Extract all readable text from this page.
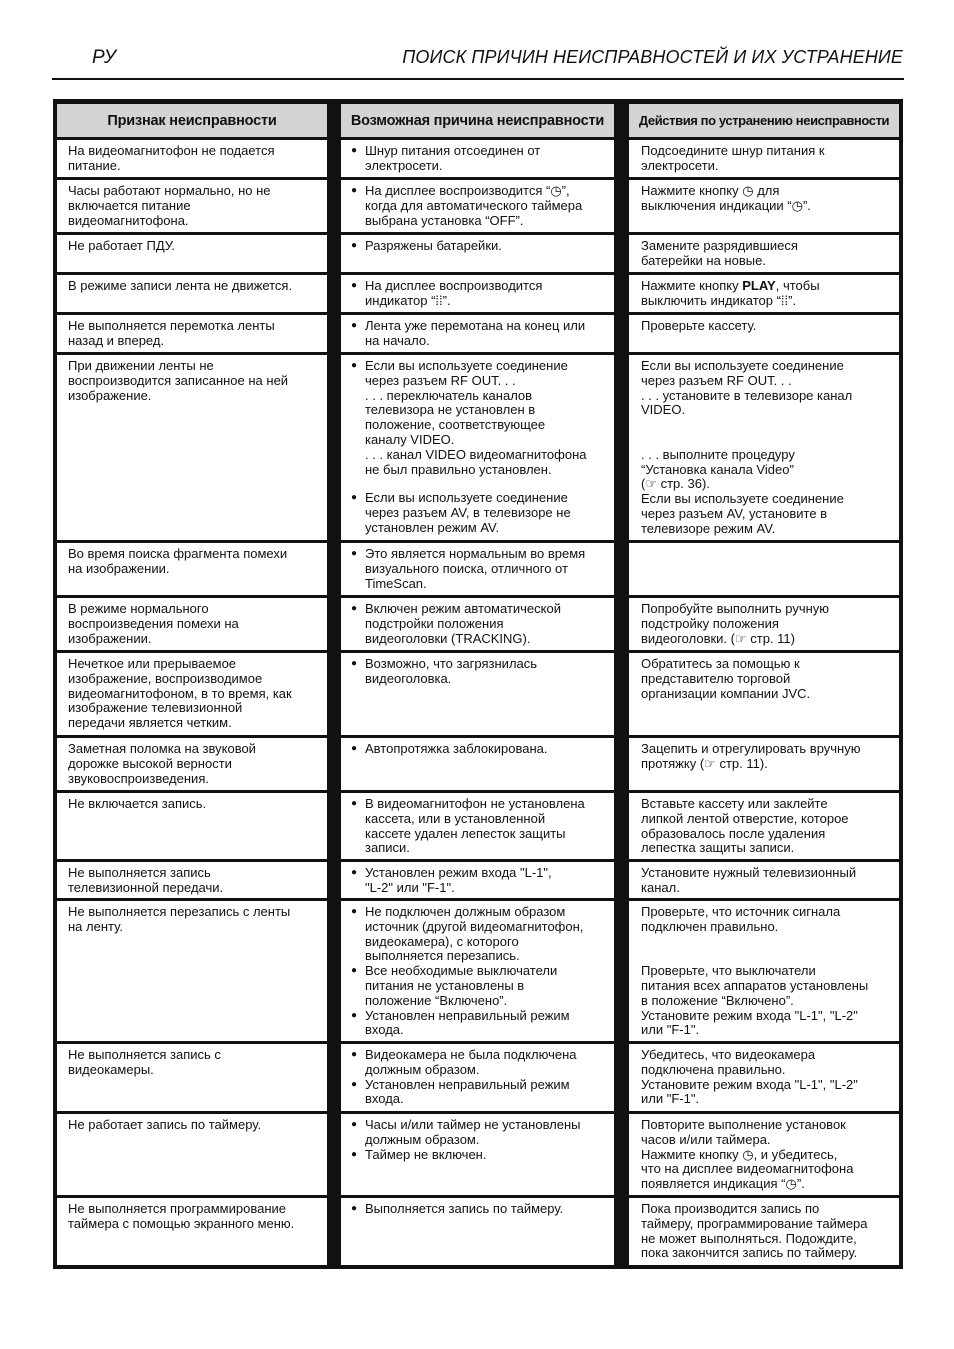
РУ	ПОИСК ПРИЧИН НЕИСПРАВНОСТЕЙ И ИХ УСТРАНЕНИЕ
Признак неисправности
На видеомагнитофон не подается
питание.
Часы работают нормально, но не
включается питание
видеомагнитофона.
Не работает ПДУ.
В режиме записи лента не движется.
Не выполняется перемотка ленты
назад и вперед.
При движении ленты не
воспроизводится записанное на ней
изображение.
Во время поиска фрагмента помехи
на изображении.
В режиме нормального
воспроизведения помехи на
изображении.
Нечеткое или прерываемое
изображение, воспроизводимое
видеомагнитофоном, в то время, как
изображение телевизионной
передачи является четким.
Заметная поломка на звуковой
дорожке высокой верности
звуковоспроизведения.
Не включается запись.
Не выполняется запись
телевизионной передачи.
Не выполняется перезапись с ленты
на ленту.
Не выполняется запись с
видеокамеры.
Не работает запись по таймеру.
Не выполняется программирование
таймера с помощью экранного меню.
Возможная причина неисправности
● Шнур питания отсоединен от
электросети.
● На дисплее воспроизводится “◷”,
когда для автоматического таймера
выбрана установка “OFF”.
● Разряжены батарейки.
● На дисплее воспроизводится
индикатор “⁞⁞”.
● Лента уже перемотана на конец или
на начало.
● Если вы используете соединение
через разъем RF OUT. . .
. . . переключатель каналов
телевизора не установлен в
положение, соответствующее
каналу VIDEO.
. . . канал VIDEO видеомагнитофона
не был правильно установлен.
● Если вы используете соединение
через разъем AV, в телевизоре не
установлен режим AV.
● Это является нормальным во время
визуального поиска, отличного от
TimeScan.
● Включен режим автоматической
подстройки положения
видеоголовки (TRACKING).
● Возможно, что загрязнилась
видеоголовка.
● Автопротяжка заблокирована.
● В видеомагнитофон не установлена
кассета, или в установленной
кассете удален лепесток защиты
записи.
● Установлен режим входа "L-1",
"L-2" или "F-1".
● Не подключен должным образом
источник (другой видеомагнитофон,
видеокамера), с которого
выполняется перезапись.
● Все необходимые выключатели
питания не установлены в
положение “Включено”.
● Установлен неправильный режим
входа.
● Видеокамера не была подключена
должным образом.
● Установлен неправильный режим
входа.
● Часы и/или таймер не установлены
должным образом.
● Таймер не включен.
● Выполняется запись по таймеру.
Действия по устранению неисправности
Подсоедините шнур питания к
электросети.
Нажмите кнопку ◷ для
выключения индикации “◷”.
Замените разрядившиеся
батерейки на новые.
Нажмите кнопку PLAY, чтобы
выключить индикатор “⁞⁞”.
Проверьте кассету.
Если вы используете соединение
через разъем RF OUT. . .
. . . установите в телевизоре канал
VIDEO.

. . . выполните процедуру
“Установка канала Video”
(☞ стр. 36).
Если вы используете соединение
через разъем AV, установите в
телевизоре режим AV.
Попробуйте выполнить ручную
подстройку положения
видеоголовки. (☞ стр. 11)
Обратитесь за помощью к
представителю торговой
организации компании JVC.
Зацепить и отрегулировать вручную
протяжку (☞ стр. 11).
Вставьте кассету или заклейте
липкой лентой отверстие, которое
образовалось после удаления
лепестка защиты записи.
Установите нужный телевизионный
канал.
Проверьте, что источник сигнала
подключен правильно.

Проверьте, что выключатели
питания всех аппаратов установлены
в положение “Включено”.
Установите режим входа "L-1", "L-2"
или "F-1".
Убедитесь, что видеокамера
подключена правильно.
Установите режим входа "L-1", "L-2"
или "F-1".
Повторите выполнение установок
часов и/или таймера.
Нажмите кнопку ◷, и убедитесь,
что на дисплее видеомагнитофона
появляется индикация “◷”.
Пока производится запись по
таймеру, программирование таймера
не может выполняться. Подождите,
пока закончится запись по таймеру.
